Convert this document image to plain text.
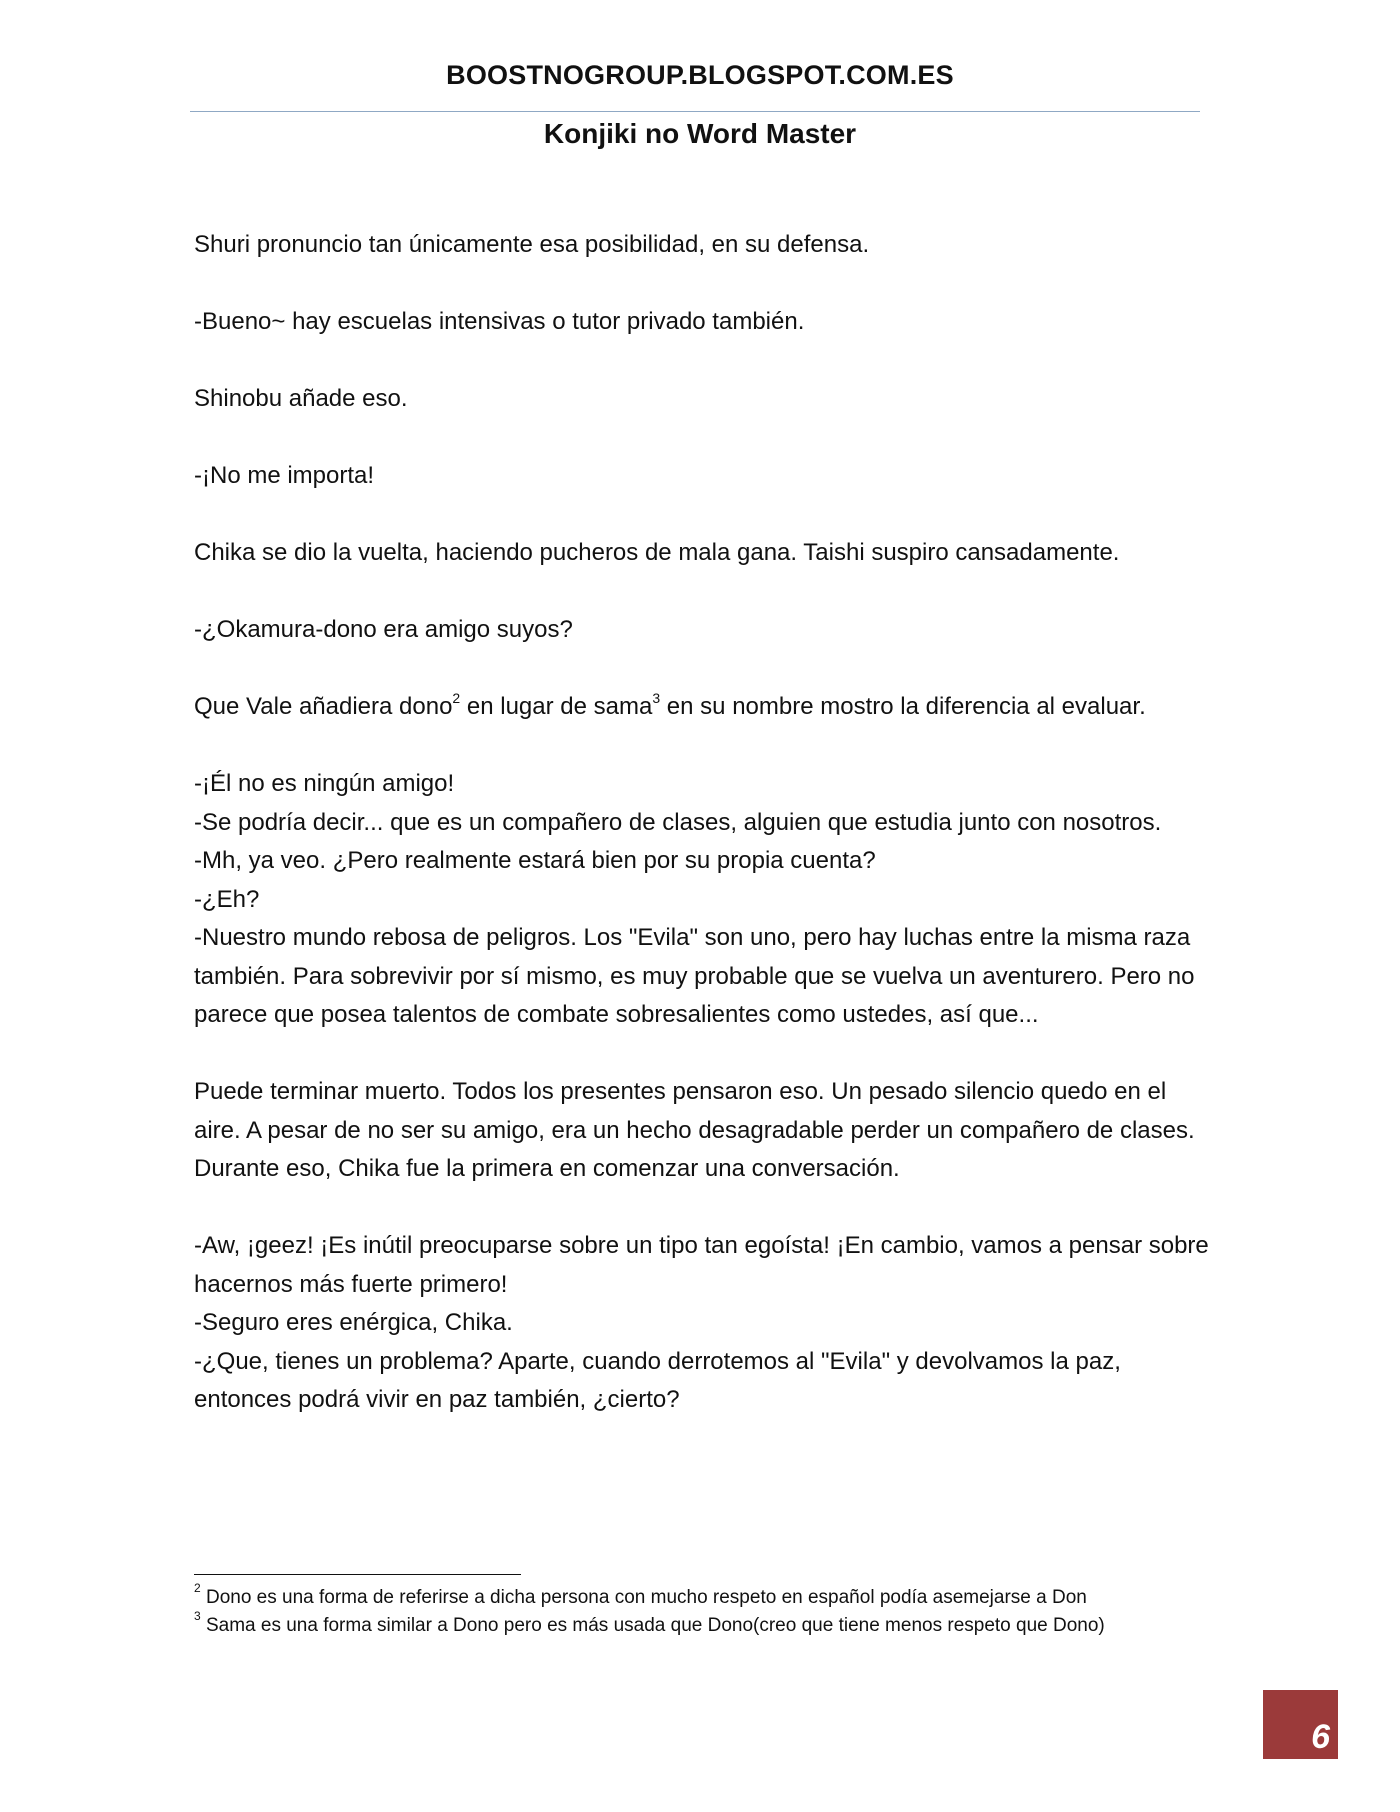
BOOSTNOGROUP.BLOGSPOT.COM.ES
Konjiki no Word Master

Shuri pronuncio tan únicamente esa posibilidad, en su defensa.

-Bueno~ hay escuelas intensivas o tutor privado también.

Shinobu añade eso.

-¡No me importa!

Chika se dio la vuelta, haciendo pucheros de mala gana. Taishi suspiro cansadamente.

-¿Okamura-dono era amigo suyos?

Que Vale añadiera dono$^2$ en lugar de sama$^3$ en su nombre mostro la diferencia al evaluar.

-¡Él no es ningún amigo!

-Se podría decir... que es un compañero de clases, alguien que estudia junto con nosotros.

-Mh, ya veo. ¿Pero realmente estará bien por su propia cuenta?

-¿Eh?

-Nuestro mundo rebosa de peligros. Los "Evila" son uno, pero hay luchas entre la misma raza también. Para sobrevivir por sí mismo, es muy probable que se vuelva un aventurero. Pero no parece que posea talentos de combate sobresalientes como ustedes, así que...

Puede terminar muerto. Todos los presentes pensaron eso. Un pesado silencio quedo en el aire. A pesar de no ser su amigo, era un hecho desagradable perder un compañero de clases.

Durante eso, Chika fue la primera en comenzar una conversación.

-Aw, ¡geez! ¡Es inútil preocuparse sobre un tipo tan egoísta! ¡En cambio, vamos a pensar sobre hacernos más fuerte primero!

-Seguro eres enérgica, Chika.

-¿Que, tienes un problema? Aparte, cuando derrotemos al "Evila" y devolvamos la paz, entonces podrá vivir en paz también, ¿cierto?

$^2$ Dono es una forma de referirse a dicha persona con mucho respeto en español podía asemejarse a Don

$^3$ Sama es una forma similar a Dono pero es más usada que Dono(creo que tiene menos respeto que Dono)

6
